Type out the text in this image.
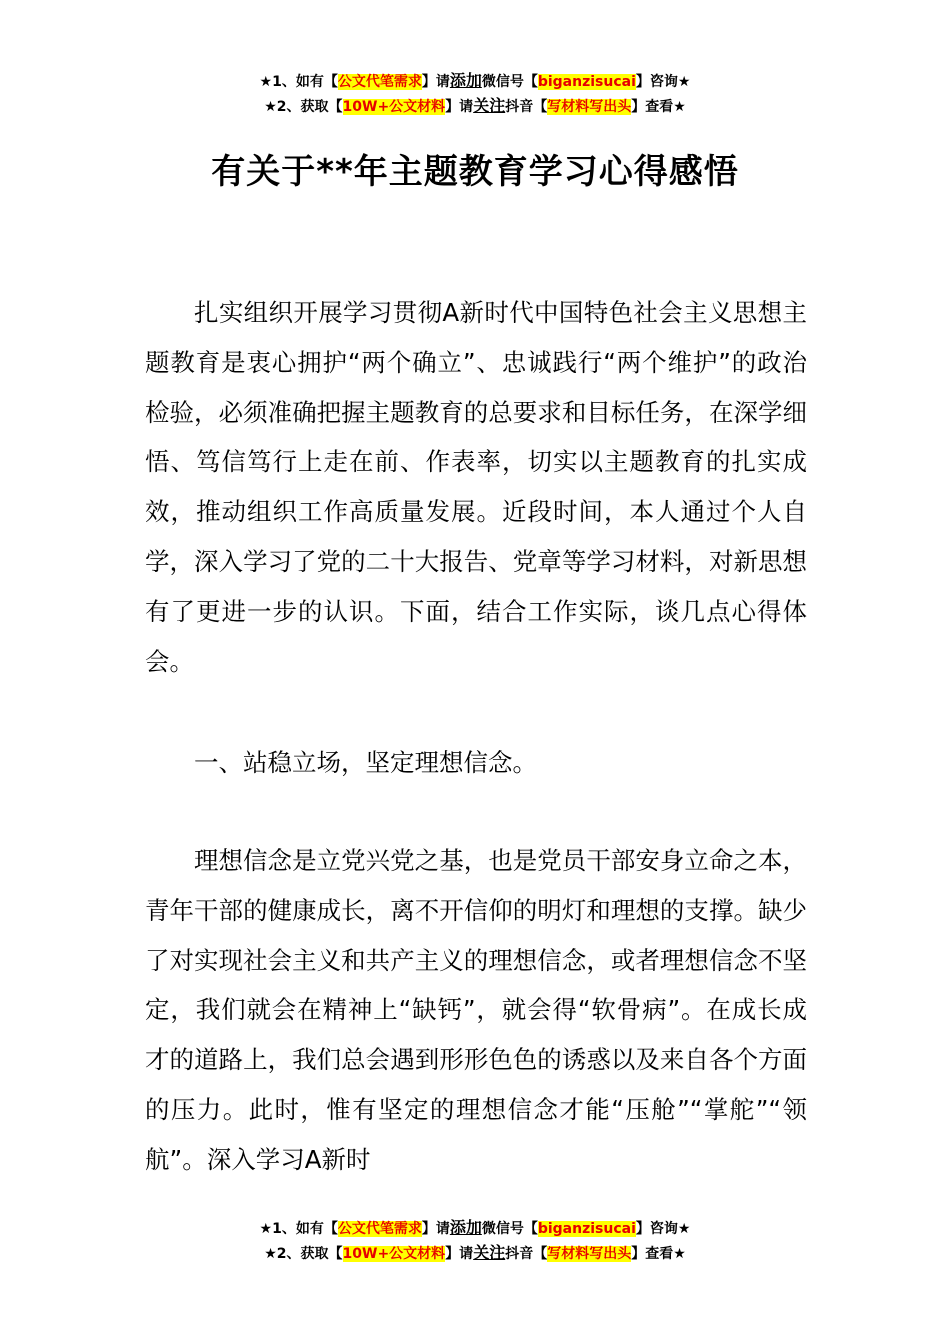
★1、如有【公文代笔需求】请添加微信号【biganzisucai】咨询★
★2、获取【10W+公文材料】请关注抖音【写材料写出头】查看★
有关于**年主题教育学习心得感悟

扎实组织开展学习贯彻A新时代中国特色社会主义思想主题教育是衷心拥护“两个确立”、忠诚践行“两个维护”的政治检验，必须准确把握主题教育的总要求和目标任务，在深学细悟、笃信笃行上走在前、作表率，切实以主题教育的扎实成效，推动组织工作高质量发展。近段时间，本人通过个人自学，深入学习了党的二十大报告、党章等学习材料，对新思想有了更进一步的认识。下面，结合工作实际，谈几点心得体会。

一、站稳立场，坚定理想信念。

理想信念是立党兴党之基，也是党员干部安身立命之本，青年干部的健康成长，离不开信仰的明灯和理想的支撑。缺少了对实现社会主义和共产主义的理想信念，或者理想信念不坚定，我们就会在精神上“缺钙”，就会得“软骨病”。在成长成才的道路上，我们总会遇到形形色色的诱惑以及来自各个方面的压力。此时，惟有坚定的理想信念才能“压舱”“掌舵”“领航”。深入学习A新时

★1、如有【公文代笔需求】请添加微信号【biganzisucai】咨询★
★2、获取【10W+公文材料】请关注抖音【写材料写出头】查看★
